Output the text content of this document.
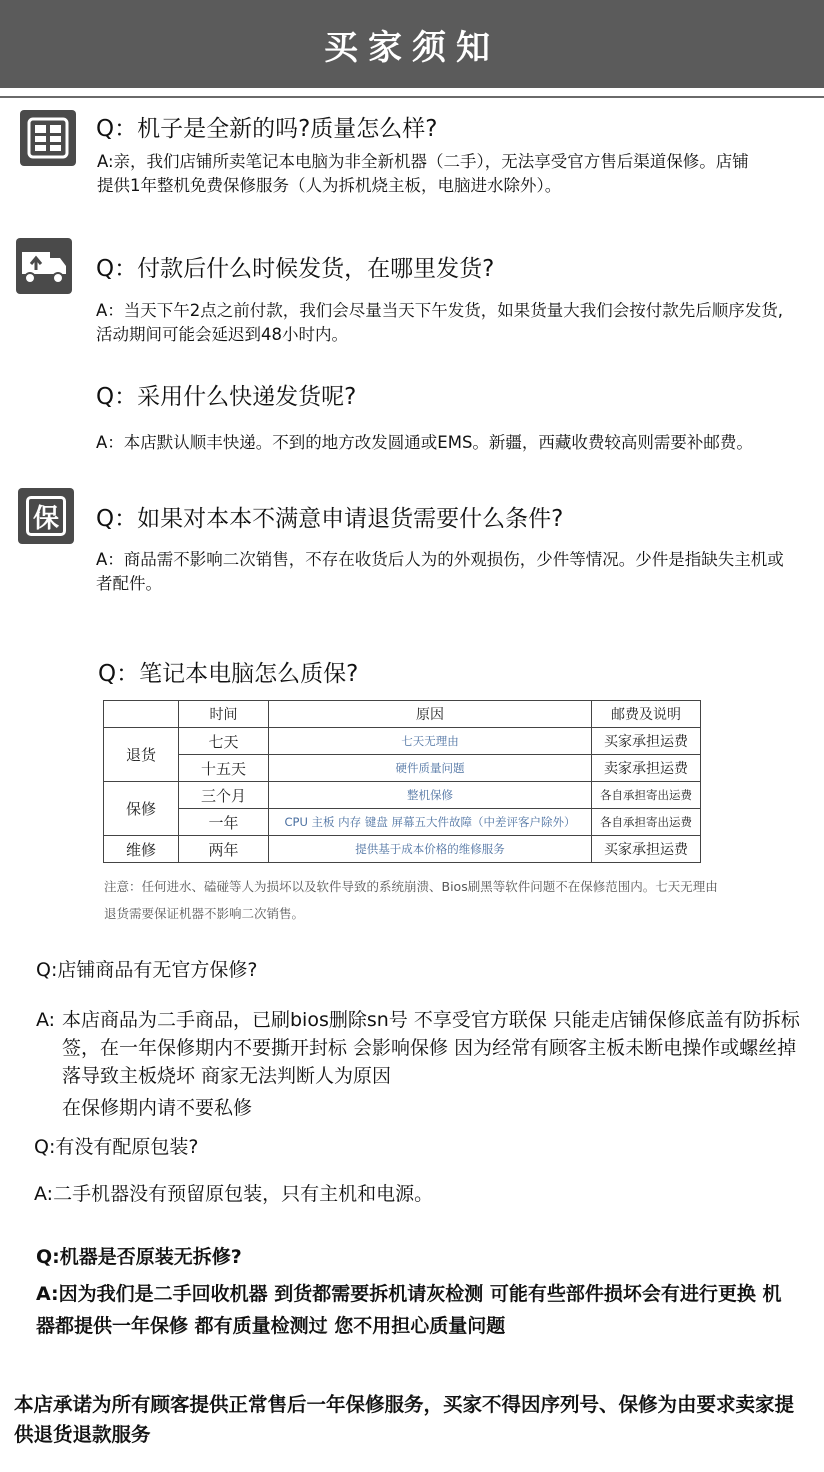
买家须知
Q：机子是全新的吗?质量怎么样?
A:亲，我们店铺所卖笔记本电脑为非全新机器（二手），无法享受官方售后渠道保修。店铺提供1年整机免费保修服务（人为拆机烧主板，电脑进水除外）。
Q：付款后什么时候发货，在哪里发货?
A：当天下午2点之前付款，我们会尽量当天下午发货，如果货量大我们会按付款先后顺序发货,活动期间可能会延迟到48小时内。
Q：采用什么快递发货呢?
A：本店默认顺丰快递。不到的地方改发圆通或EMS。新疆，西藏收费较高则需要补邮费。
保	Q：如果对本本不满意申请退货需要什么条件?
A：商品需不影响二次销售，不存在收货后人为的外观损伤，少件等情况。少件是指缺失主机或者配件。
Q：笔记本电脑怎么质保?
	时间	原因	邮费及说明
退货	七天	七天无理由	买家承担运费
	十五天	硬件质量问题	卖家承担运费
保修	三个月	整机保修	各自承担寄出运费
	一年	CPU 主板 内存 键盘 屏幕五大件故障（中差评客户除外）	各自承担寄出运费
维修	两年	提供基于成本价格的维修服务	买家承担运费
注意：任何进水、磕碰等人为损坏以及软件导致的系统崩溃、Bios刷黑等软件问题不在保修范围内。七天无理由退货需要保证机器不影响二次销售。
Q:店铺商品有无官方保修?
A: 本店商品为二手商品，已刷bios删除sn号 不享受官方联保 只能走店铺保修底盖有防拆标签，在一年保修期内不要撕开封标 会影响保修 因为经常有顾客主板未断电操作或螺丝掉落导致主板烧坏 商家无法判断人为原因
在保修期内请不要私修
Q:有没有配原包装?
A:二手机器没有预留原包装，只有主机和电源。
Q:机器是否原装无拆修?
A:因为我们是二手回收机器 到货都需要拆机请灰检测 可能有些部件损坏会有进行更换 机器都提供一年保修 都有质量检测过 您不用担心质量问题
本店承诺为所有顾客提供正常售后一年保修服务，买家不得因序列号、保修为由要求卖家提供退货退款服务
